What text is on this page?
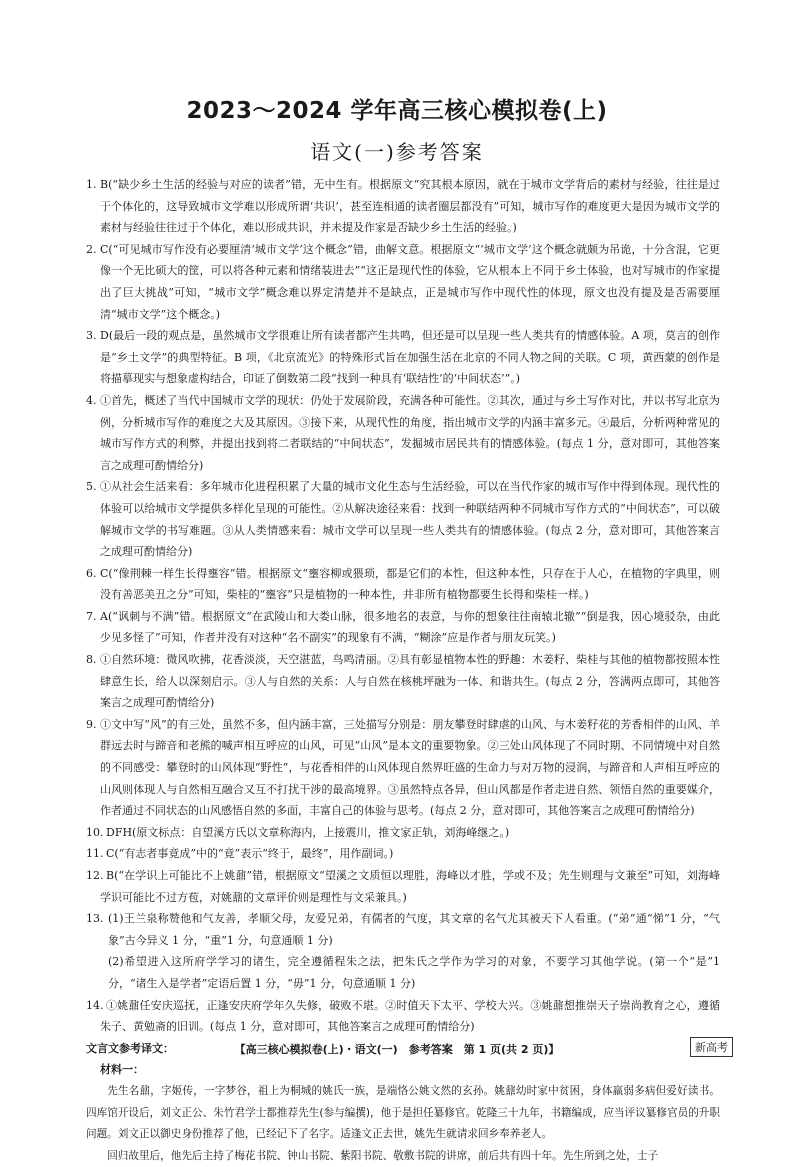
2023～2024 学年高三核心模拟卷(上)
语文(一)参考答案
1. B(“缺少乡土生活的经验与对应的读者”错，无中生有。根据原文“究其根本原因，就在于城市文学背后的素材与经验，往往是过于个体化的，这导致城市文学难以形成所谓‘共识’，甚至连相通的读者圈层都没有”可知，城市写作的难度更大是因为城市文学的素材与经验往往过于个体化，难以形成共识，并未提及作家是否缺少乡土生活的经验。)
2. C(“可见城市写作没有必要厘清‘城市文学’这个概念”错，曲解文意。根据原文“‘城市文学’这个概念就颇为吊诡，十分含混，它更像一个无比硕大的筐，可以将各种元素和情绪装进去”“这正是现代性的体验，它从根本上不同于乡土体验，也对写城市的作家提出了巨大挑战”可知，“城市文学”概念难以界定清楚并不是缺点，正是城市写作中现代性的体现，原文也没有提及是否需要厘清“城市文学”这个概念。)
3. D(最后一段的观点是，虽然城市文学很难让所有读者都产生共鸣，但还是可以呈现一些人类共有的情感体验。A 项，莫言的创作是“乡土文学”的典型特征。B 项，《北京流光》的特殊形式旨在加强生活在北京的不同人物之间的关联。C 项，黄西蒙的创作是将描摹现实与想象虚构结合，印证了倒数第二段“找到一种具有‘联结性’的‘中间状态’”。)
4. ①首先，概述了当代中国城市文学的现状：仍处于发展阶段，充满各种可能性。②其次，通过与乡土写作对比，并以书写北京为例，分析城市写作的难度之大及其原因。③接下来，从现代性的角度，指出城市文学的内涵丰富多元。④最后，分析两种常见的城市写作方式的利弊，并提出找到将二者联结的“中间状态”，发掘城市居民共有的情感体验。(每点 1 分，意对即可，其他答案言之成理可酌情给分)
5. ①从社会生活来看：多年城市化进程积累了大量的城市文化生态与生活经验，可以在当代作家的城市写作中得到体现。现代性的体验可以给城市文学提供多样化呈现的可能性。②从解决途径来看：找到一种联结两种不同城市写作方式的“中间状态”，可以破解城市文学的书写难题。③从人类情感来看：城市文学可以呈现一些人类共有的情感体验。(每点 2 分，意对即可，其他答案言之成理可酌情给分)
6. C(“像荆棘一样生长得壅容”错。根据原文“壅容柳或猥琐，都是它们的本性，但这种本性，只存在于人心，在植物的字典里，则没有善恶美丑之分”可知，柴桂的“壅容”只是植物的一种本性，并非所有植物都要生长得和柴桂一样。)
7. A(“讽刺与不满”错。根据原文“在武陵山和大娄山脉，很多地名的表意，与你的想象往往南辕北辙”“倒是我，因心境驳杂，由此少见多怪了”可知，作者并没有对这种“名不副实”的现象有不满，“糊涂”应是作者与朋友玩笑。)
8. ①自然环境：微风吹拂，花香淡淡，天空湛蓝，鸟鸣清丽。②具有彰显植物本性的野趣：木姜籽、柴桂与其他的植物都按照本性肆意生长，给人以深刻启示。③人与自然的关系：人与自然在核桃坪融为一体、和谐共生。(每点 2 分，答满两点即可，其他答案言之成理可酌情给分)
9. ①文中写“风”的有三处，虽然不多，但内涵丰富，三处描写分别是：朋友攀登时肆虐的山风、与木姜籽花的芳香相伴的山风、羊群远去时与蹄音和老熊的喊声相互呼应的山风，可见“山风”是本文的重要物象。②三处山风体现了不同时期、不同情境中对自然的不同感受：攀登时的山风体现“野性”，与花香相伴的山风体现自然界旺盛的生命力与对万物的浸润，与蹄音和人声相互呼应的山风则体现人与自然相互融合又互不打扰干涉的最高境界。③虽然特点各异，但山风都是作者走进自然、领悟自然的重要媒介，作者通过不同状态的山风感悟自然的多面，丰富自己的体验与思考。(每点 2 分，意对即可，其他答案言之成理可酌情给分)
10. DFH(原文标点：自望溪方氏以文章称海内，上接震川，推文家正轨，刘海峰继之。)
11. C(“有志者事竟成”中的“竟”表示“终于，最终”，用作副词。)
12. B(“在学识上可能比不上姚鼐”错，根据原文“望溪之文质恒以理胜，海峰以才胜，学或不及；先生则理与文兼至”可知，刘海峰学识可能比不过方苞，对姚鼐的文章评价则是理性与文采兼具。)
13. (1)王兰泉称赞他和气友善，孝顺父母，友爱兄弟，有儒者的气度，其文章的名气尤其被天下人看重。(“弟”通“悌”1 分，“气象”古今异义 1 分，“重”1 分，句意通顺 1 分)
(2)希望进入这所府学学习的诸生，完全遵循程朱之法，把朱氏之学作为学习的对象，不要学习其他学说。(第一个“是”1 分，“诸生入是学者”定语后置 1 分，“毋”1 分，句意通顺 1 分)
14. ①姚鼐任安庆巡抚，正逢安庆府学年久失修，破败不堪。②时值天下太平、学校大兴。③姚鼐想推崇天子崇尚教育之心，遵循朱子、黄勉斋的旧训。(每点 1 分，意对即可，其他答案言之成理可酌情给分)
文言文参考译文：
材料一：
先生名鼐，字姬传，一字梦谷，祖上为桐城的姚氏一族，是端恪公姚文然的玄孙。姚鼐幼时家中贫困，身体羸弱多病但爱好读书。四库馆开设后，刘文正公、朱竹君学士都推荐先生(参与编撰)，他于是担任纂修官。乾隆三十九年，书籍编成，应当评议纂修官员的升职问题。刘文正以御史身份推荐了他，已经记下了名字。适逢文正去世，姚先生就请求回乡奉养老人。
回归故里后，他先后主持了梅花书院、钟山书院、紫阳书院、敬敷书院的讲席，前后共有四十年。先生所到之处，士子
【高三核心模拟卷(上)・语文(一)　参考答案　第 1 页(共 2 页)】	新高考
